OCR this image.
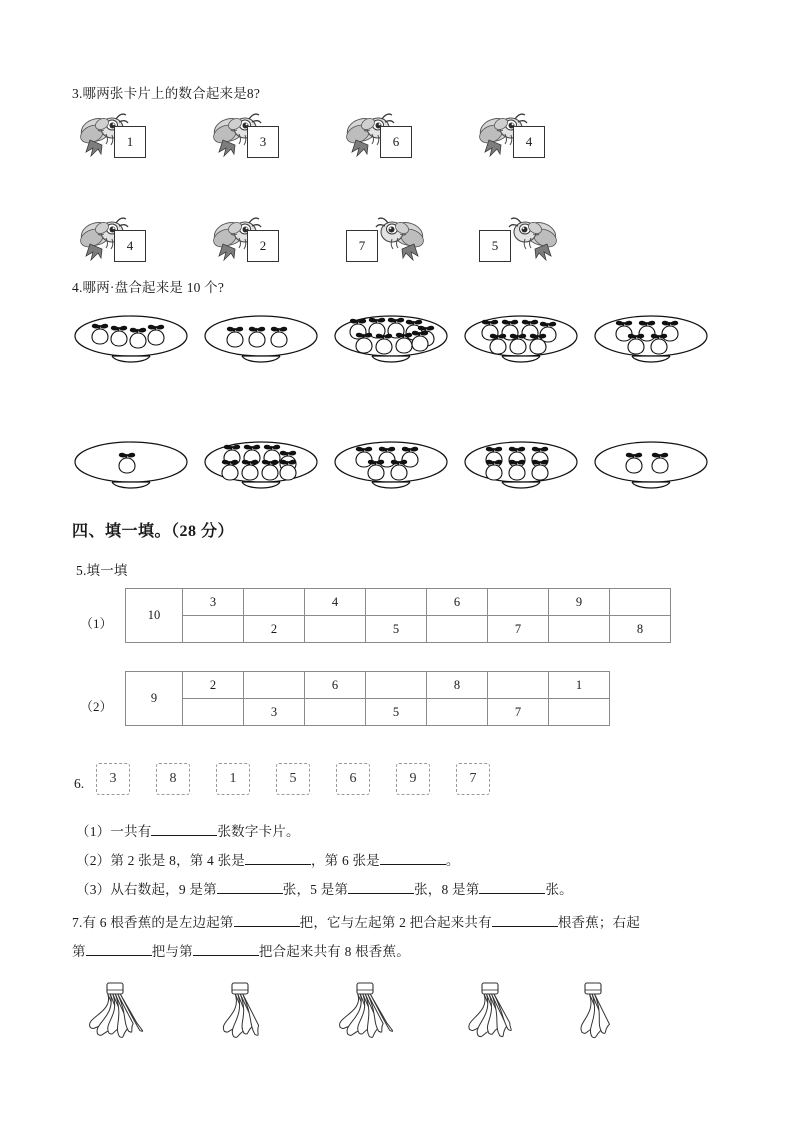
3.哪两张卡片上的数合起来是8?
1	3	6	4
4	2	7	5
4.哪两·盘合起来是 10 个?
四、填一填。（28 分）
5.填一填
（1）
10	3		4		6		9	
		2		5		7		8
（2）
9	2		6		8		1
		3		5		7	
6.	3	8	1	5	6	9	7
（1）一共有	张数字卡片。
（2）第 2 张是 8，第 4 张是	，第 6 张是	。
（3）从右数起，9 是第	张，5 是第	张，8 是第	张。
7.有 6 根香蕉的是左边起第	把，它与左起第 2 把合起来共有	根香蕉；右起
第	把与第	把合起来共有 8 根香蕉。
